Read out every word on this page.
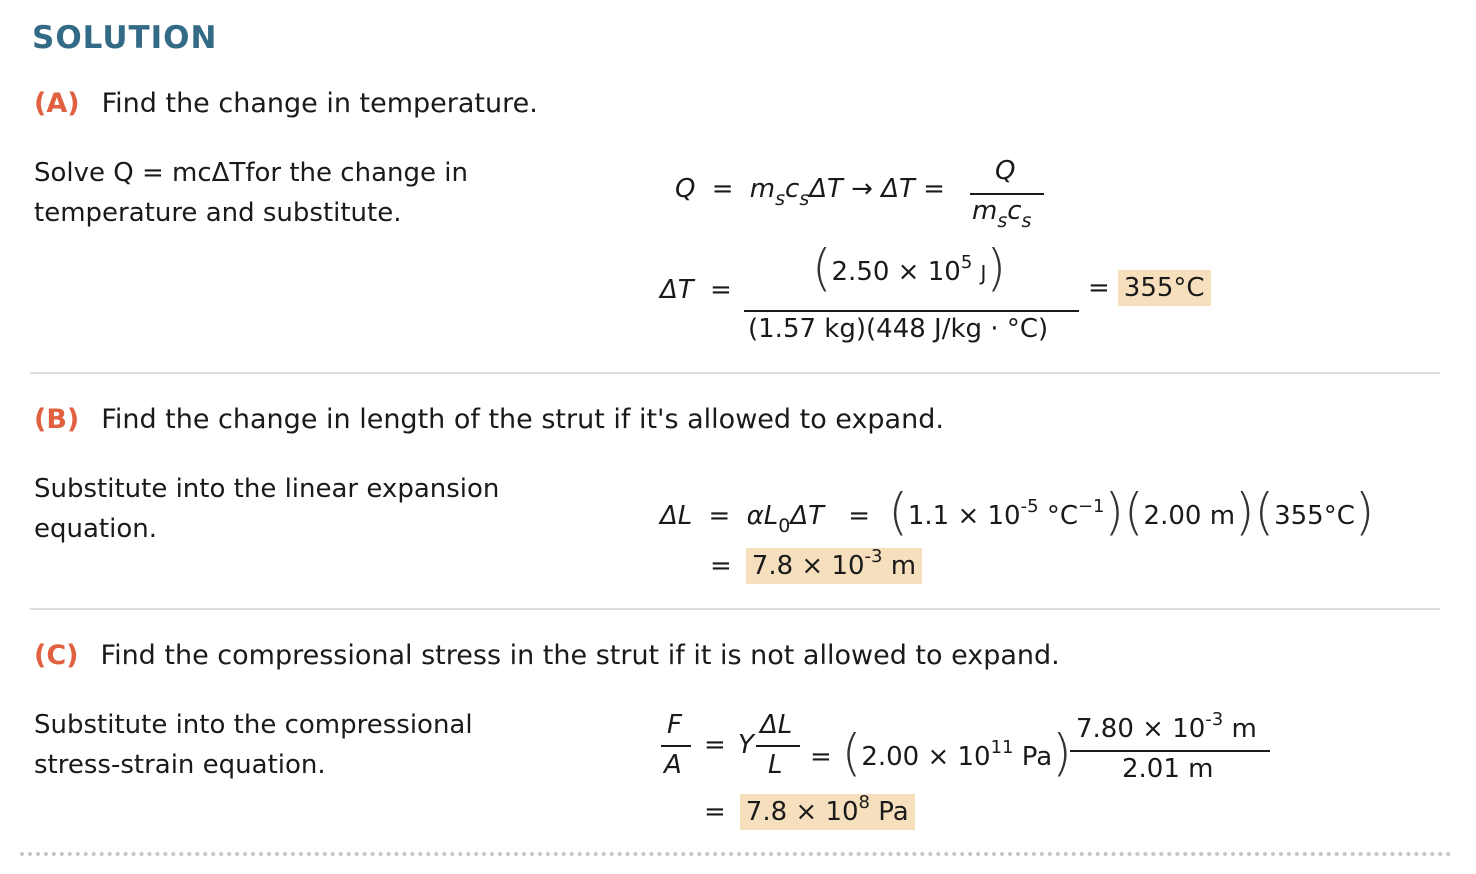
SOLUTION
(A) Find the change in temperature.
Solve Q = mcΔTfor the change in temperature and substitute.
$Q = m_sc_s\Delta T \to \Delta T$ =
Q
$m_sc_s$
$\Delta T = (2.50 \times 10^5$ J)
(1.57 kg)(448 J/kg · °C)
= 355°C
(B) Find the change in length of the strut if it's allowed to expand.
Substitute into the linear expansion equation.	$\Delta L = \alpha L_0\Delta T = (1.1 \times 10^{-5}$ $^\circ C^{-1})(2.00$ m)(355°C)
= $7.8 \times 10^{-3}$ m
(C) Find the compressional stress in the strut if it is not allowed to expand.
Substitute into the compressional stress-strain equation.
F
A
= Y
ΔL
$L = (2.00 \times 10^{11}$ Pa) $7.80 \times 10^{-3}$ m
2.01 m
= $7.8 \times 10^8$ Pa
